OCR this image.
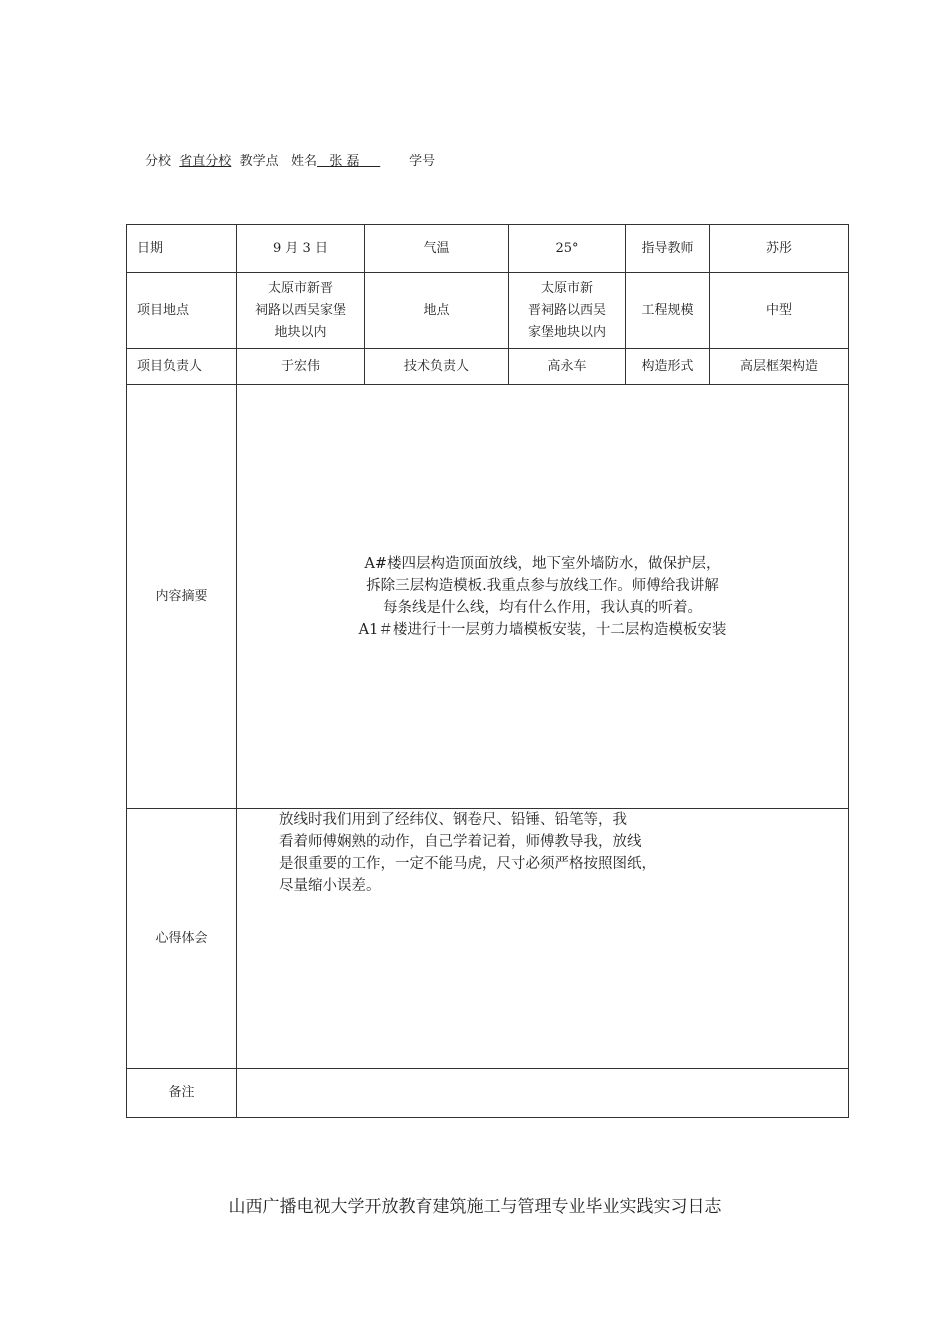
分校 省直分校 教学点 姓名 张 磊	学号
日期	9 月 3 日	气温	25°	指导教师	苏彤
项目地点	太原市新晋
祠路以西吴家堡
地块以内	地点	太原市新
晋祠路以西吴
家堡地块以内	工程规模	中型
项目负责人	于宏伟	技术负责人	高永车	构造形式	高层框架构造
内容摘要	A#楼四层构造顶面放线，地下室外墙防水，做保护层，
拆除三层构造模板.我重点参与放线工作。师傅给我讲解
每条线是什么线，均有什么作用，我认真的听着。
A1＃楼进行十一层剪力墙模板安装，十二层构造模板安装				
心得体会	放线时我们用到了经纬仪、钢卷尺、铅锤、铅笔等，我
看着师傅娴熟的动作，自己学着记着，师傅教导我，放线
是很重要的工作，一定不能马虎，尺寸必须严格按照图纸，
尽量缩小误差。				
备注					
山西广播电视大学开放教育建筑施工与管理专业毕业实践实习日志
